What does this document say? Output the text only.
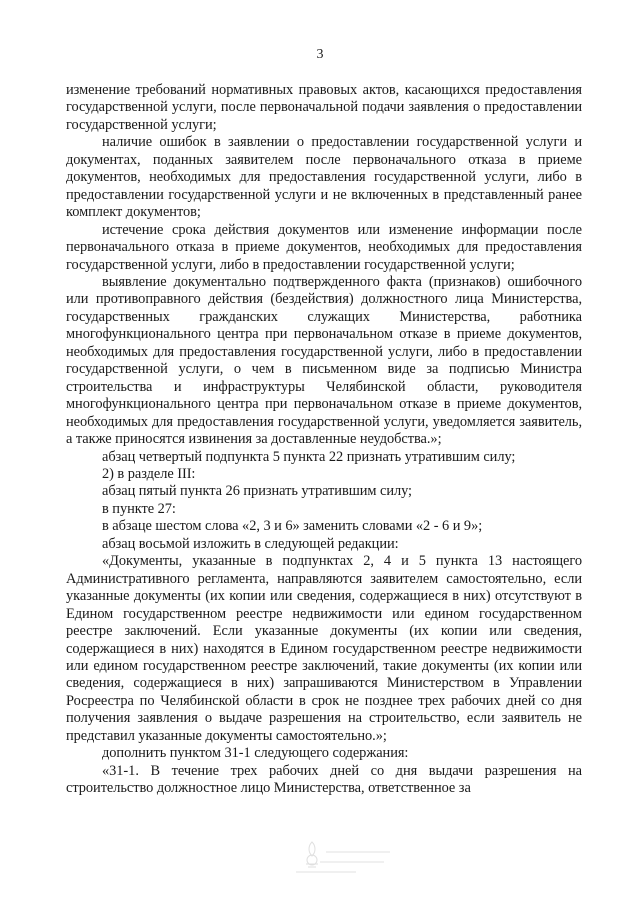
3

изменение требований нормативных правовых актов, касающихся предоставления государственной услуги, после первоначальной подачи заявления о предоставлении государственной услуги;

наличие ошибок в заявлении о предоставлении государственной услуги и документах, поданных заявителем после первоначального отказа в приеме документов, необходимых для предоставления государственной услуги, либо в предоставлении государственной услуги и не включенных в представленный ранее комплект документов;

истечение срока действия документов или изменение информации после первоначального отказа в приеме документов, необходимых для предоставления государственной услуги, либо в предоставлении государственной услуги;

выявление документально подтвержденного факта (признаков) ошибочного или противоправного действия (бездействия) должностного лица Министерства, государственных гражданских служащих Министерства, работника многофункционального центра при первоначальном отказе в приеме документов, необходимых для предоставления государственной услуги, либо в предоставлении государственной услуги, о чем в письменном виде за подписью Министра строительства и инфраструктуры Челябинской области, руководителя многофункционального центра при первоначальном отказе в приеме документов, необходимых для предоставления государственной услуги, уведомляется заявитель, а также приносятся извинения за доставленные неудобства.»;

абзац четвертый подпункта 5 пункта 22 признать утратившим силу;

2) в разделе III:

абзац пятый пункта 26 признать утратившим силу;

в пункте 27:

в абзаце шестом слова «2, 3 и 6» заменить словами «2 - 6 и 9»;

абзац восьмой изложить в следующей редакции:

«Документы, указанные в подпунктах 2, 4 и 5 пункта 13 настоящего Административного регламента, направляются заявителем самостоятельно, если указанные документы (их копии или сведения, содержащиеся в них) отсутствуют в Едином государственном реестре недвижимости или едином государственном реестре заключений. Если указанные документы (их копии или сведения, содержащиеся в них) находятся в Едином государственном реестре недвижимости или едином государственном реестре заключений, такие документы (их копии или сведения, содержащиеся в них) запрашиваются Министерством в Управлении Росреестра по Челябинской области в срок не позднее трех рабочих дней со дня получения заявления о выдаче разрешения на строительство, если заявитель не представил указанные документы самостоятельно.»;

дополнить пунктом 31-1 следующего содержания:

«31-1. В течение трех рабочих дней со дня выдачи разрешения на строительство должностное лицо Министерства, ответственное за
